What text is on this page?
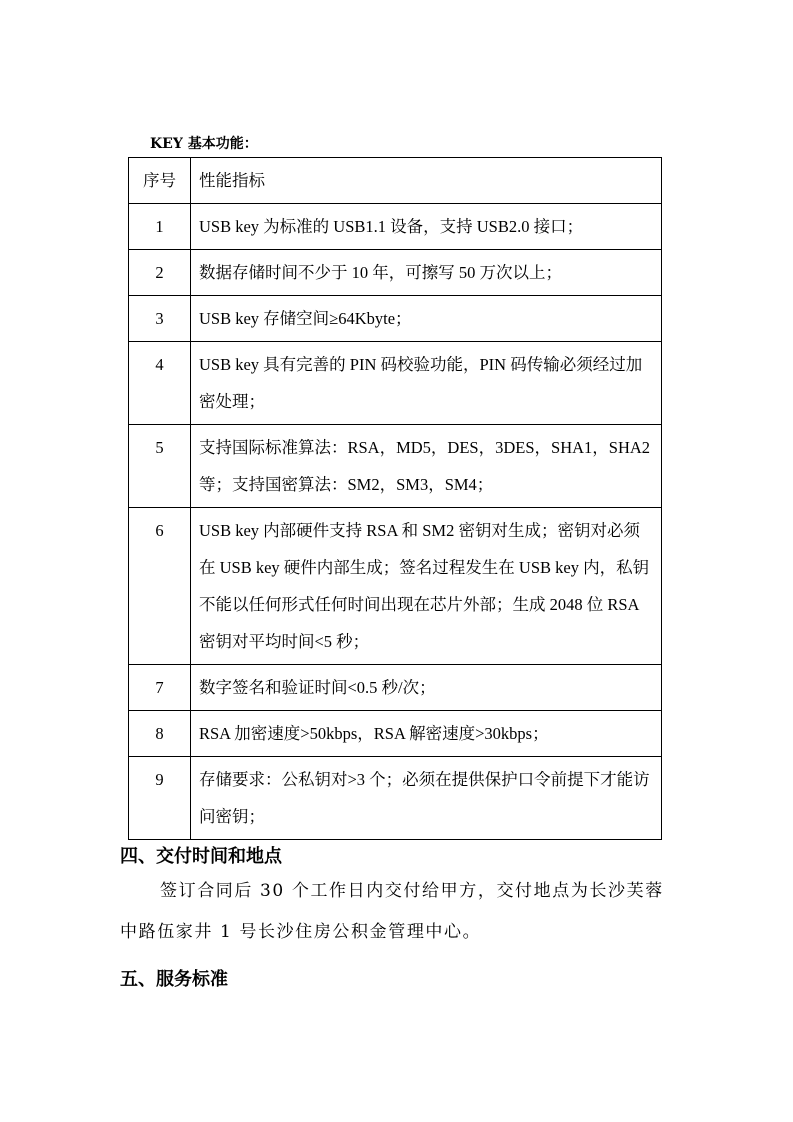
KEY 基本功能：
序号	性能指标
1	USB key 为标准的 USB1.1 设备，支持 USB2.0 接口；
2	数据存储时间不少于 10 年，可擦写 50 万次以上；
3	USB key 存储空间≥64Kbyte；
4	USB key 具有完善的 PIN 码校验功能，PIN 码传输必须经过加密处理；
5	支持国际标准算法：RSA，MD5，DES，3DES，SHA1，SHA2 等；支持国密算法：SM2，SM3，SM4；
6	USB key 内部硬件支持 RSA 和 SM2 密钥对生成；密钥对必须在 USB key 硬件内部生成；签名过程发生在 USB key 内，私钥不能以任何形式任何时间出现在芯片外部；生成 2048 位 RSA 密钥对平均时间<5 秒；
7	数字签名和验证时间<0.5 秒/次；
8	RSA 加密速度>50kbps，RSA 解密速度>30kbps；
9	存储要求：公私钥对>3 个；必须在提供保护口令前提下才能访问密钥；
四、交付时间和地点
签订合同后 30 个工作日内交付给甲方，交付地点为长沙芙蓉中路伍家井 1 号长沙住房公积金管理中心。
五、服务标准
